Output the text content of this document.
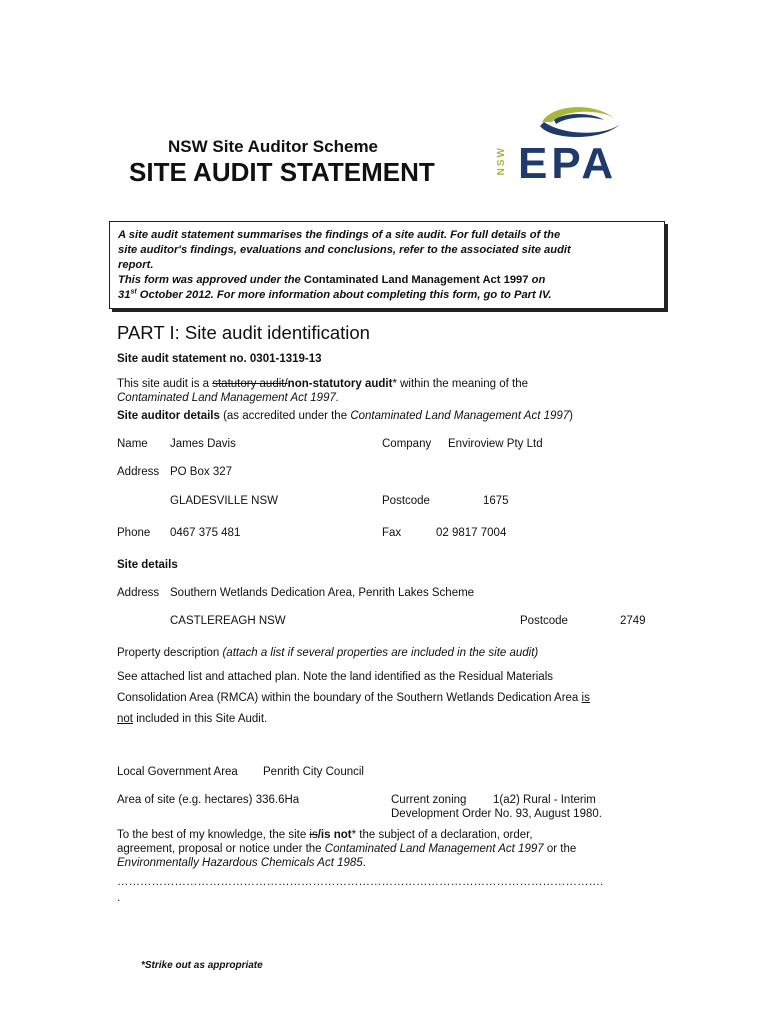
NSW Site Auditor Scheme
SITE AUDIT STATEMENT	NSW EPA
A site audit statement summarises the findings of a site audit. For full details of the
site auditor's findings, evaluations and conclusions, refer to the associated site audit
report.
This form was approved under the Contaminated Land Management Act 1997 on
31st October 2012. For more information about completing this form, go to Part IV.
PART I: Site audit identification
Site audit statement no. 0301-1319-13
This site audit is a statutory audit/non-statutory audit* within the meaning of the
Contaminated Land Management Act 1997.
Site auditor details (as accredited under the Contaminated Land Management Act 1997)
Name James Davis	Company Enviroview Pty Ltd
Address PO Box 327
GLADESVILLE NSW	Postcode	1675
Phone 0467 375 481	Fax	02 9817 7004
Site details
Address Southern Wetlands Dedication Area, Penrith Lakes Scheme
CASTLEREAGH NSW	Postcode	2749
Property description (attach a list if several properties are included in the site audit)
See attached list and attached plan. Note the land identified as the Residual Materials
Consolidation Area (RMCA) within the boundary of the Southern Wetlands Dedication Area is
not included in this Site Audit.
Local Government Area Penrith City Council
Area of site (e.g. hectares) 336.6Ha	Current zoning 1(a2) Rural - Interim
Development Order No. 93, August 1980.
To the best of my knowledge, the site is/is not* the subject of a declaration, order,
agreement, proposal or notice under the Contaminated Land Management Act 1997 or the
Environmentally Hazardous Chemicals Act 1985.
……………………………………………………………………………………………………………….
.
*Strike out as appropriate
